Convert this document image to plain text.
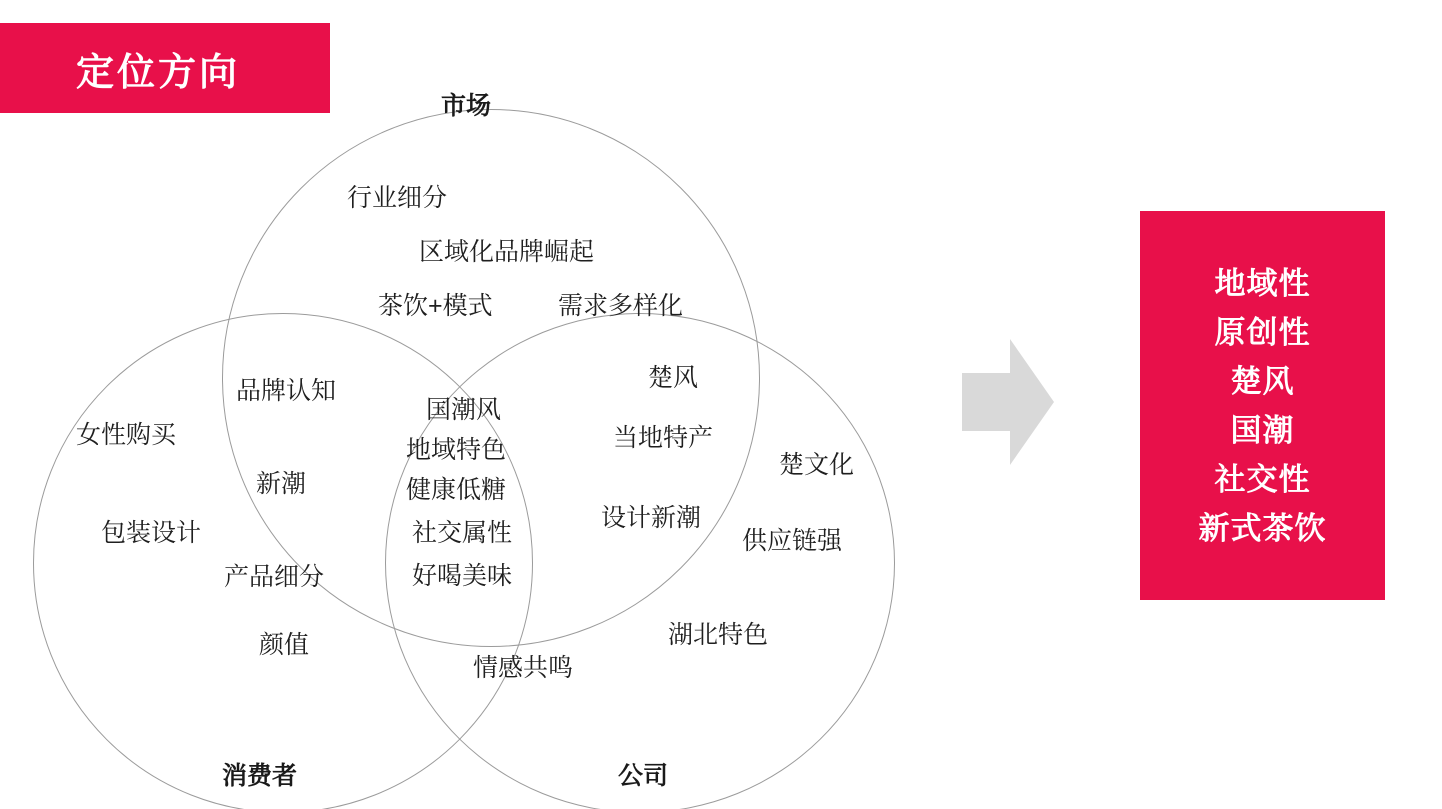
定位方向
市场
消费者	公司
行业细分
区域化品牌崛起
茶饮+模式	需求多样化
品牌认知
新潮
产品细分
楚风
当地特产
设计新潮
女性购买
包装设计
颜值
楚文化
供应链强
湖北特色
情感共鸣
国潮风
地域特色
健康低糖
社交属性
好喝美味
地域性
原创性
楚风
国潮
社交性
新式茶饮
